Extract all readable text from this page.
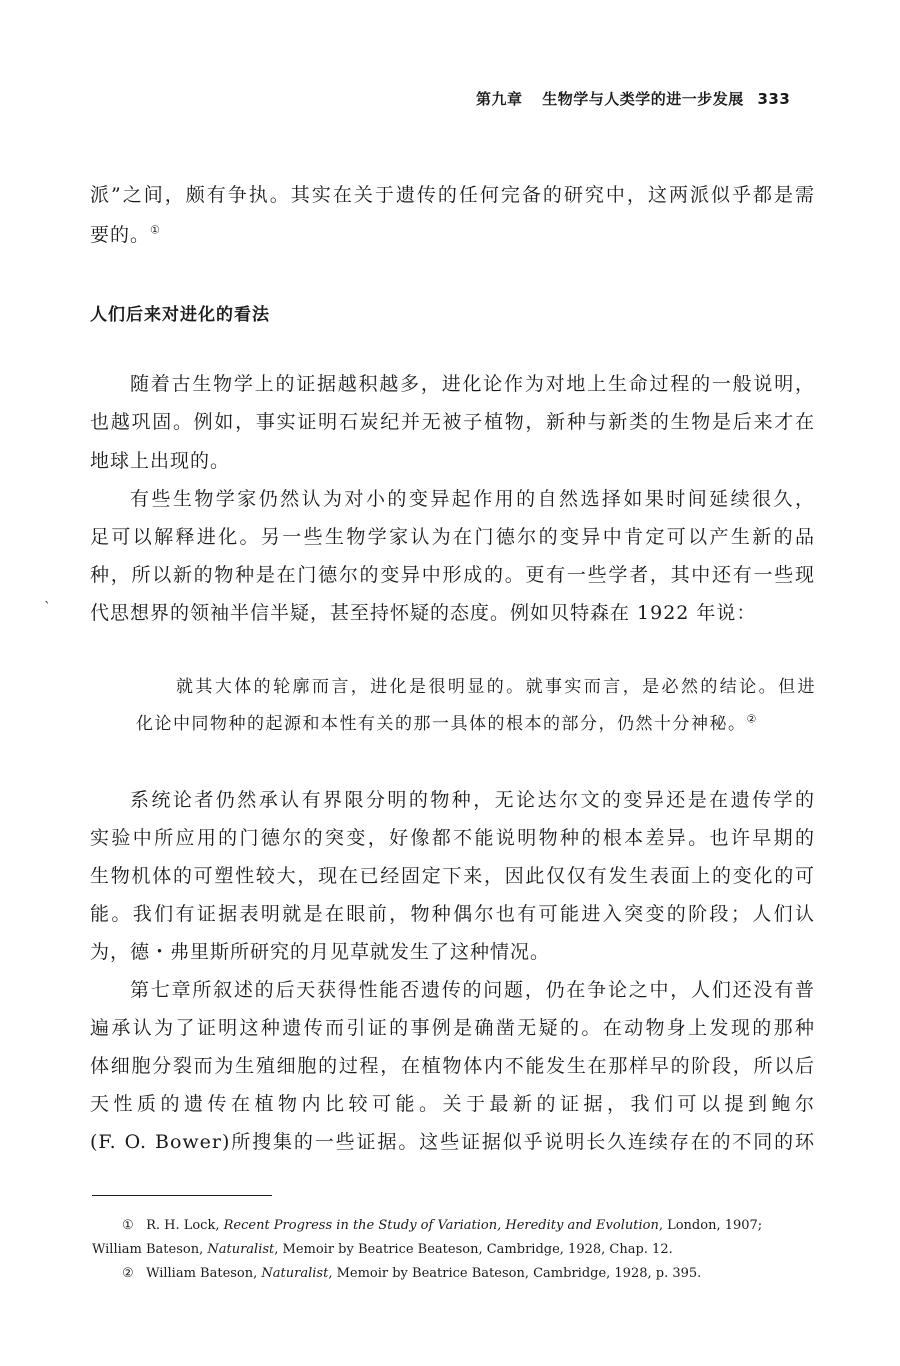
第九章 生物学与人类学的进一步发展 333
派”之间，颇有争执。其实在关于遗传的任何完备的研究中，这两派似乎都是需
要的。①
人们后来对进化的看法
随着古生物学上的证据越积越多，进化论作为对地上生命过程的一般说明，
也越巩固。例如，事实证明石炭纪并无被子植物，新种与新类的生物是后来才在
地球上出现的。
有些生物学家仍然认为对小的变异起作用的自然选择如果时间延续很久，
足可以解释进化。另一些生物学家认为在门德尔的变异中肯定可以产生新的品
种，所以新的物种是在门德尔的变异中形成的。更有一些学者，其中还有一些现
代思想界的领袖半信半疑，甚至持怀疑的态度。例如贝特森在 1922 年说：
`
就其大体的轮廓而言，进化是很明显的。就事实而言，是必然的结论。但进
化论中同物种的起源和本性有关的那一具体的根本的部分，仍然十分神秘。②
系统论者仍然承认有界限分明的物种，无论达尔文的变异还是在遗传学的
实验中所应用的门德尔的突变，好像都不能说明物种的根本差异。也许早期的
生物机体的可塑性较大，现在已经固定下来，因此仅仅有发生表面上的变化的可
能。我们有证据表明就是在眼前，物种偶尔也有可能进入突变的阶段；人们认
为，德・弗里斯所研究的月见草就发生了这种情况。
第七章所叙述的后天获得性能否遗传的问题，仍在争论之中，人们还没有普
遍承认为了证明这种遗传而引证的事例是确凿无疑的。在动物身上发现的那种
体细胞分裂而为生殖细胞的过程，在植物体内不能发生在那样早的阶段，所以后
天性质的遗传在植物内比较可能。关于最新的证据，我们可以提到鲍尔
(F. O. Bower)所搜集的一些证据。这些证据似乎说明长久连续存在的不同的环
① R. H. Lock, Recent Progress in the Study of Variation, Heredity and Evolution, London, 1907;
William Bateson, Naturalist, Memoir by Beatrice Beateson, Cambridge, 1928, Chap. 12.
② William Bateson, Naturalist, Memoir by Beatrice Bateson, Cambridge, 1928, p. 395.
